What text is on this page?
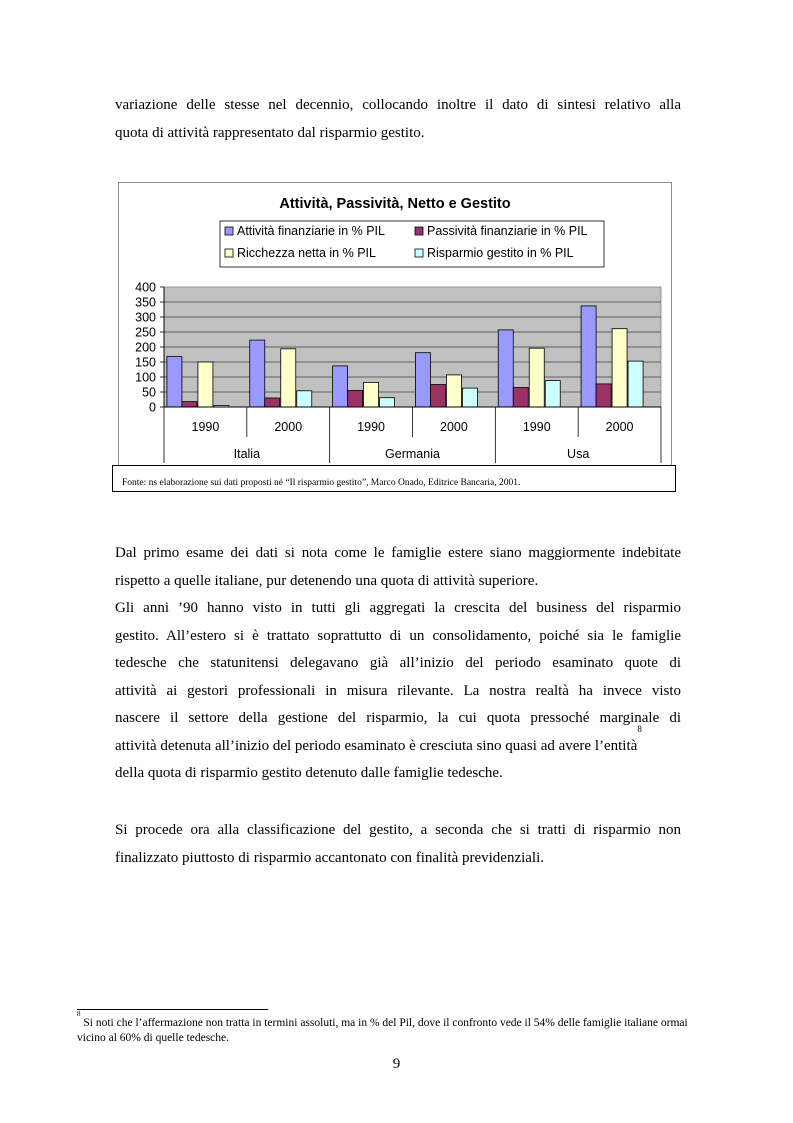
variazione delle stesse nel decennio, collocando inoltre il dato di sintesi relativo alla

quota di attività rappresentato dal risparmio gestito.

Attività, Passività, Netto e Gestito
Attività finanziarie in % PIL	Passività finanziarie in % PIL
Ricchezza netta in % PIL	Risparmio gestito in % PIL
0
50
100
150
200
250
300
350
400
1990	2000	1990	2000	1990	2000
Italia	Germania	Usa
Fonte: ns elaborazione sui dati proposti né “Il risparmio gestito”, Marco Onado, Editrice Bancaria, 2001.

Dal primo esame dei dati si nota come le famiglie estere siano maggiormente indebitate

rispetto a quelle italiane, pur detenendo una quota di attività superiore.

Gli anni ’90 hanno visto in tutti gli aggregati la crescita del business del risparmio

gestito. All’estero si è trattato soprattutto di un consolidamento, poiché sia le famiglie

tedesche che statunitensi delegavano già all’inizio del periodo esaminato quote di

attività ai gestori professionali in misura rilevante. La nostra realtà ha invece visto

nascere il settore della gestione del risparmio, la cui quota pressoché marginale di

attività detenuta all’inizio del periodo esaminato è cresciuta sino quasi ad avere l’entità$^8$

della quota di risparmio gestito detenuto dalle famiglie tedesche.

Si procede ora alla classificazione del gestito, a seconda che si tratti di risparmio non

finalizzato piuttosto di risparmio accantonato con finalità previdenziali.

$^8$ Si noti che l’affermazione non tratta in termini assoluti, ma in % del Pil, dove il confronto vede il 54% delle famiglie italiane ormai vicino al 60% di quelle tedesche.
9
